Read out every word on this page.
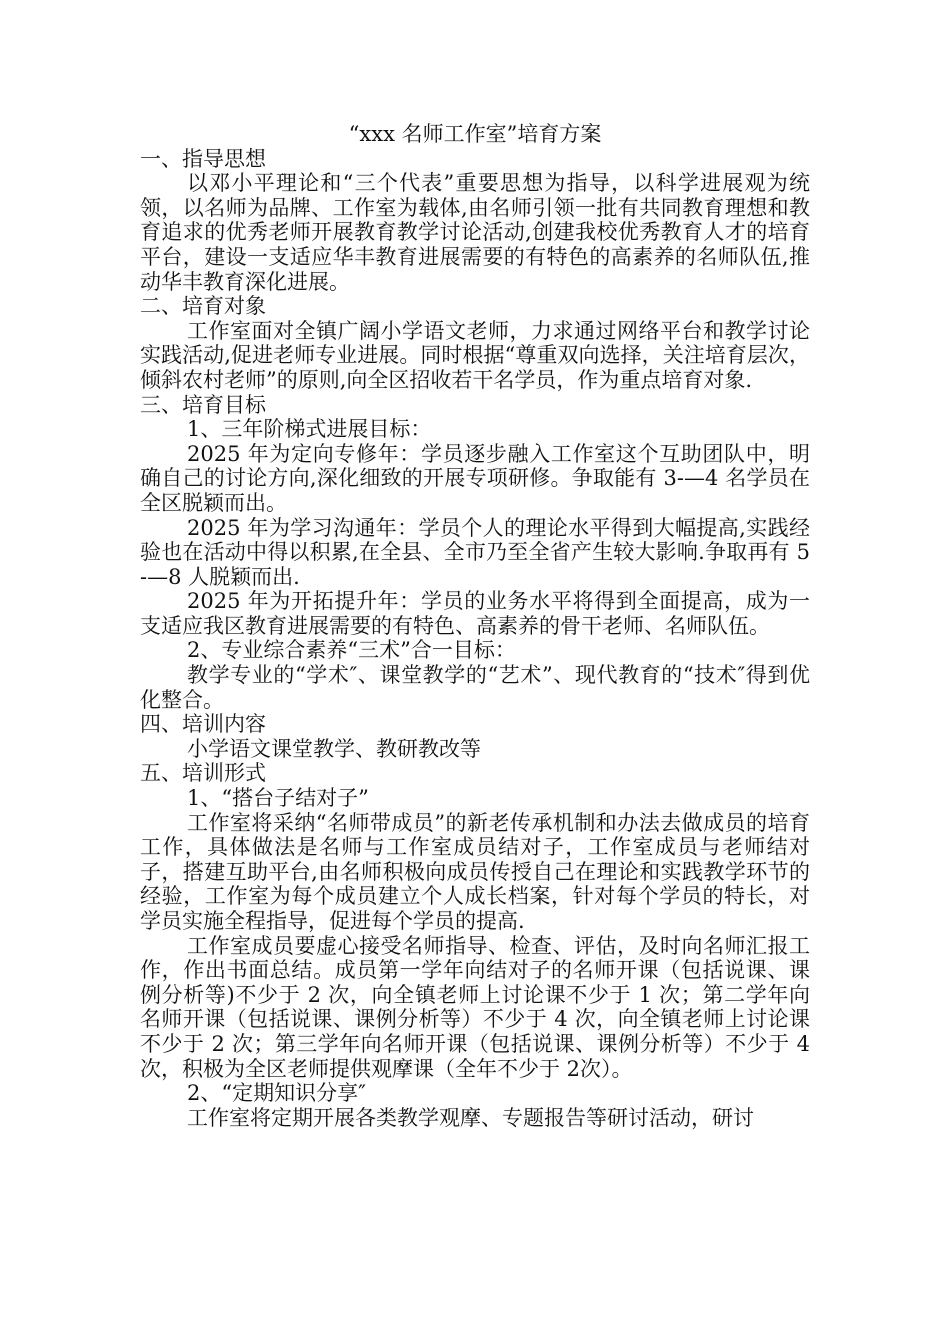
“xxx 名师工作室”培育方案

一、指导思想

以邓小平理论和“三个代表”重要思想为指导，以科学进展观为统领，以名师为品牌、工作室为载体,由名师引领一批有共同教育理想和教育追求的优秀老师开展教育教学讨论活动,创建我校优秀教育人才的培育平台，建设一支适应华丰教育进展需要的有特色的高素养的名师队伍,推动华丰教育深化进展。

二、培育对象

工作室面对全镇广阔小学语文老师，力求通过网络平台和教学讨论实践活动,促进老师专业进展。同时根据“尊重双向选择，关注培育层次，倾斜农村老师”的原则,向全区招收若干名学员，作为重点培育对象.

三、培育目标

1、三年阶梯式进展目标：

2025 年为定向专修年：学员逐步融入工作室这个互助团队中，明确自己的讨论方向,深化细致的开展专项研修。争取能有 3-—4 名学员在全区脱颖而出。

2025 年为学习沟通年：学员个人的理论水平得到大幅提高,实践经验也在活动中得以积累,在全县、全市乃至全省产生较大影响.争取再有 5-—8 人脱颖而出.

2025 年为开拓提升年：学员的业务水平将得到全面提高，成为一支适应我区教育进展需要的有特色、高素养的骨干老师、名师队伍。

2、专业综合素养“三术”合一目标：

教学专业的“学术″、课堂教学的“艺术”、现代教育的“技术″得到优化整合。

四、培训内容

小学语文课堂教学、教研教改等

五、培训形式

1、“搭台子结对子”

工作室将采纳“名师带成员”的新老传承机制和办法去做成员的培育工作，具体做法是名师与工作室成员结对子，工作室成员与老师结对子，搭建互助平台,由名师积极向成员传授自己在理论和实践教学环节的经验，工作室为每个成员建立个人成长档案，针对每个学员的特长，对学员实施全程指导，促进每个学员的提高.

工作室成员要虚心接受名师指导、检查、评估，及时向名师汇报工作，作出书面总结。成员第一学年向结对子的名师开课（包括说课、课例分析等)不少于 2 次，向全镇老师上讨论课不少于 1 次；第二学年向名师开课（包括说课、课例分析等）不少于 4 次，向全镇老师上讨论课不少于 2 次；第三学年向名师开课（包括说课、课例分析等）不少于 4 次，积极为全区老师提供观摩课（全年不少于 2次）。

2、“定期知识分享″

工作室将定期开展各类教学观摩、专题报告等研讨活动，研讨
